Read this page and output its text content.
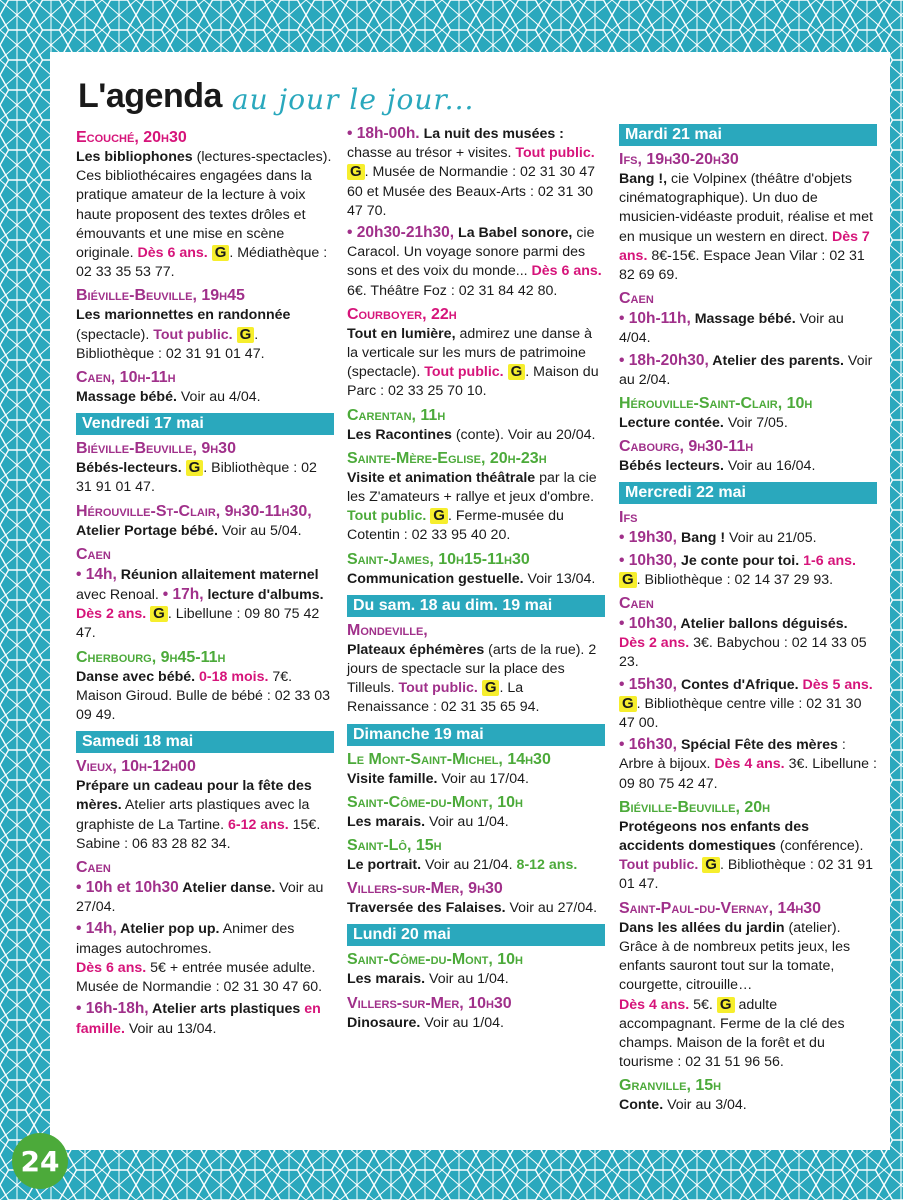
L'agenda au jour le jour...
Ecouché, 20h30

Les bibliophones (lectures-spectacles). Ces bibliothécaires engagées dans la pratique amateur de la lecture à voix haute proposent des textes drôles et émouvants et une mise en scène originale. Dès 6 ans. G . Médiathèque : 02 33 35 53 77.

Biéville-Beuville, 19h45

Les marionnettes en randonnée (spectacle). Tout public. G . Bibliothèque : 02 31 91 01 47.

Caen, 10h-11h

Massage bébé. Voir au 4/04.

Vendredi 17 mai
Biéville-Beuville, 9h30

Bébés-lecteurs. G . Bibliothèque : 02 31 91 01 47.

Hérouville-St-Clair, 9h30-11h30,

Atelier Portage bébé. Voir au 5/04.

Caen

• 14h, Réunion allaitement maternel avec Renoal. • 17h, lecture d'albums. Dès 2 ans. G . Libellune : 09 80 75 42 47.

Cherbourg, 9h45-11h

Danse avec bébé. 0-18 mois. 7€. Maison Giroud. Bulle de bébé : 02 33 03 09 49.

Samedi 18 mai
Vieux, 10h-12h00

Prépare un cadeau pour la fête des mères. Atelier arts plastiques avec la graphiste de La Tartine. 6-12 ans. 15€. Sabine : 06 83 28 82 34.

Caen

• 10h et 10h30 Atelier danse. Voir au 27/04.

• 14h, Atelier pop up. Animer des images autochromes.
Dès 6 ans. 5€ + entrée musée adulte. Musée de Normandie : 02 31 30 47 60.

• 16h-18h, Atelier arts plastiques en famille. Voir au 13/04.

• 18h-00h. La nuit des musées : chasse au trésor + visites. Tout public. G . Musée de Normandie : 02 31 30 47 60 et Musée des Beaux-Arts : 02 31 30 47 70.

• 20h30-21h30, La Babel sonore, cie Caracol. Un voyage sonore parmi des sons et des voix du monde... Dès 6 ans. 6€. Théâtre Foz : 02 31 84 42 80.

Courboyer, 22h

Tout en lumière, admirez une danse à la verticale sur les murs de patrimoine (spectacle). Tout public. G . Maison du Parc : 02 33 25 70 10.

Carentan, 11h

Les Racontines (conte). Voir au 20/04.

Sainte-Mère-Eglise, 20h-23h

Visite et animation théâtrale par la cie les Z'amateurs + rallye et jeux d'ombre.
Tout public. G . Ferme-musée du Cotentin : 02 33 95 40 20.

Saint-James, 10h15-11h30

Communication gestuelle. Voir 13/04.

Du sam. 18 au dim. 19 mai
Mondeville,

Plateaux éphémères (arts de la rue). 2 jours de spectacle sur la place des Tilleuls. Tout public. G . La Renaissance : 02 31 35 65 94.

Dimanche 19 mai
Le Mont-Saint-Michel, 14h30

Visite famille. Voir au 17/04.

Saint-Côme-du-Mont, 10h

Les marais. Voir au 1/04.

Saint-Lô, 15h

Le portrait. Voir au 21/04. 8-12 ans.

Villers-sur-Mer, 9h30

Traversée des Falaises. Voir au 27/04.

Lundi 20 mai
Saint-Côme-du-Mont, 10h

Les marais. Voir au 1/04.

Villers-sur-Mer, 10h30

Dinosaure. Voir au 1/04.

Mardi 21 mai
Ifs, 19h30-20h30

Bang !, cie Volpinex (théâtre d'objets cinématographique). Un duo de musicien-vidéaste produit, réalise et met en musique un western en direct. Dès 7 ans. 8€-15€. Espace Jean Vilar : 02 31 82 69 69.

Caen

• 10h-11h, Massage bébé. Voir au 4/04.

• 18h-20h30, Atelier des parents. Voir au 2/04.

Hérouville-Saint-Clair, 10h

Lecture contée. Voir 7/05.

Cabourg, 9h30-11h

Bébés lecteurs. Voir au 16/04.

Mercredi 22 mai
Ifs

• 19h30, Bang ! Voir au 21/05.

• 10h30, Je conte pour toi. 1-6 ans.
G . Bibliothèque : 02 14 37 29 93.

Caen

• 10h30, Atelier ballons déguisés.
Dès 2 ans. 3€. Babychou : 02 14 33 05 23.

• 15h30, Contes d'Afrique. Dès 5 ans. G . Bibliothèque centre ville : 02 31 30 47 00.

• 16h30, Spécial Fête des mères : Arbre à bijoux. Dès 4 ans. 3€. Libellune : 09 80 75 42 47.

Biéville-Beuville, 20h

Protégeons nos enfants des accidents domestiques (conférence).
Tout public. G . Bibliothèque : 02 31 91 01 47.

Saint-Paul-du-Vernay, 14h30

Dans les allées du jardin (atelier). Grâce à de nombreux petits jeux, les enfants sauront tout sur la tomate, courgette, citrouille…
Dès 4 ans. 5€. G adulte accompagnant. Ferme de la clé des champs. Maison de la forêt et du tourisme : 02 31 51 96 56.

Granville, 15h

Conte. Voir au 3/04.

24
